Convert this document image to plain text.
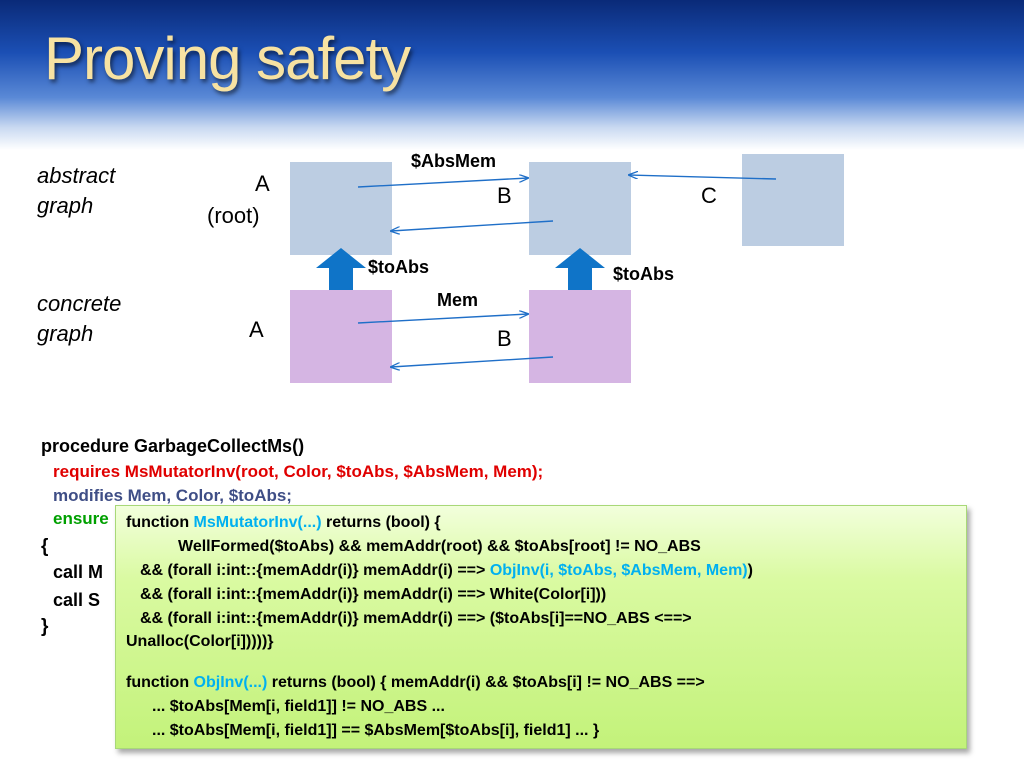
Proving safety
abstract
graph
concrete
graph
A
(root)
B	C
A	B
$AbsMem
Mem
$toAbs	$toAbs
procedure GarbageCollectMs()
requires MsMutatorInv(root, Color, $toAbs, $AbsMem, Mem);
modifies Mem, Color, $toAbs;
ensure
{
call M
call S
}
function MsMutatorInv(...) returns (bool) {
WellFormed($toAbs) && memAddr(root) && $toAbs[root] != NO_ABS
&& (forall i:int::{memAddr(i)} memAddr(i) ==> ObjInv(i, $toAbs, $AbsMem, Mem))
&& (forall i:int::{memAddr(i)} memAddr(i) ==> White(Color[i]))
&& (forall i:int::{memAddr(i)} memAddr(i) ==> ($toAbs[i]==NO_ABS <==>
Unalloc(Color[i]))))}
function ObjInv(...) returns (bool) { memAddr(i) && $toAbs[i] != NO_ABS ==>
... $toAbs[Mem[i, field1]] != NO_ABS ...
... $toAbs[Mem[i, field1]] == $AbsMem[$toAbs[i], field1] ... }
